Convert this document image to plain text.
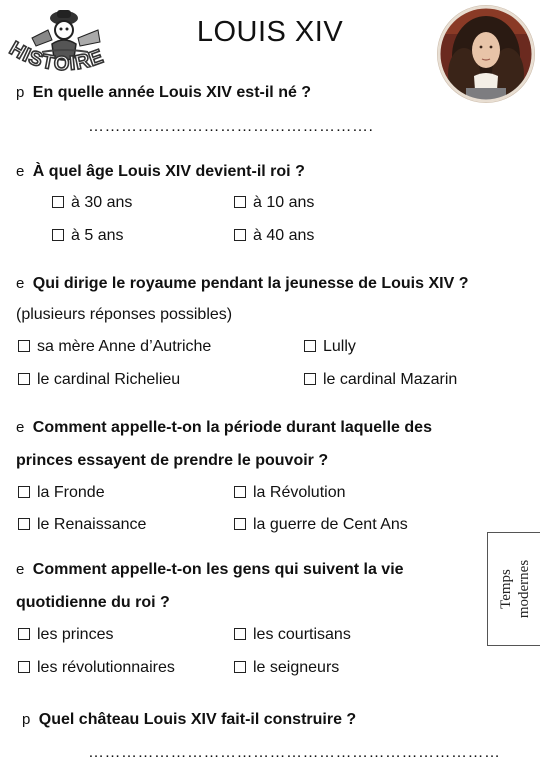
HISTOIRE
LOUIS XIV
p En quelle année Louis XIV est-il né ?
…………………………………………….
e À quel âge Louis XIV devient-il roi ?
à 30 ans	à 10 ans
à 5 ans	à 40 ans
e Qui dirige le royaume pendant la jeunesse de Louis XIV ?
(plusieurs réponses possibles)
sa mère Anne d’Autriche	Lully
le cardinal Richelieu	le cardinal Mazarin
e Comment appelle-t-on la période durant laquelle des
princes essayent de prendre le pouvoir ?
la Fronde	la Révolution
le Renaissance	la guerre de Cent Ans
e Comment appelle-t-on les gens qui suivent la vie
quotidienne du roi ?
les princes	les courtisans
les révolutionnaires	le seigneurs
Temps modernes
p Quel château Louis XIV fait-il construire ?
…………………………………………………………………
